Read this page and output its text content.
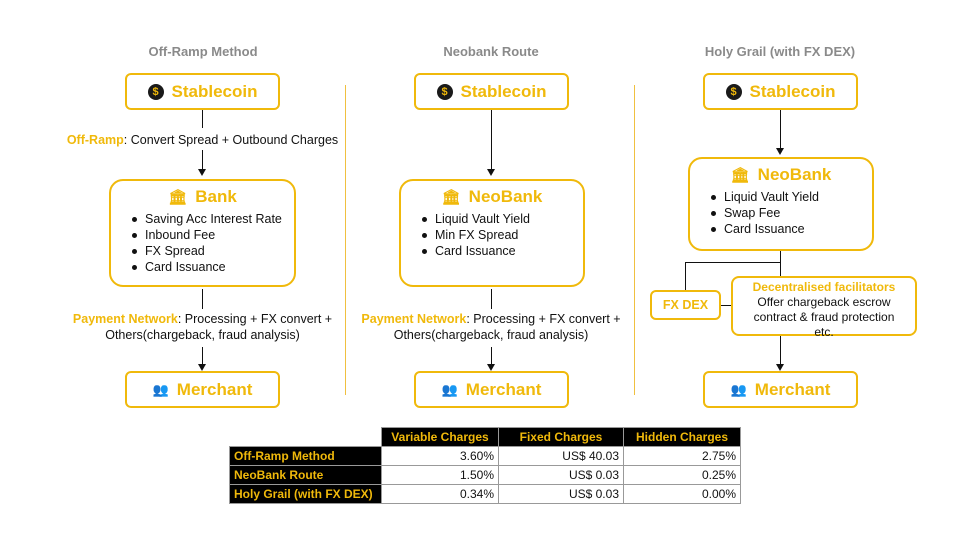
Off-Ramp Method	Neobank Route	Holy Grail (with FX DEX)
$ Stablecoin
Off-Ramp: Convert Spread + Outbound Charges
🏛 Bank
Saving Acc Interest Rate
Inbound Fee
FX Spread
Card Issuance
Payment Network: Processing + FX convert +
Others(chargeback, fraud analysis)
👥 Merchant
$ Stablecoin
🏛 NeoBank
Liquid Vault Yield
Min FX Spread
Card Issuance
Payment Network: Processing + FX convert +
Others(chargeback, fraud analysis)
👥 Merchant
$ Stablecoin
🏛 NeoBank
Liquid Vault Yield
Swap Fee
Card Issuance
FX DEX
Decentralised facilitators
Offer chargeback escrow
contract & fraud protection
etc.
👥 Merchant
	Variable Charges	Fixed Charges	Hidden Charges
Off-Ramp Method	3.60%	US$ 40.03	2.75%
NeoBank Route	1.50%	US$ 0.03	0.25%
Holy Grail (with FX DEX)	0.34%	US$ 0.03	0.00%
